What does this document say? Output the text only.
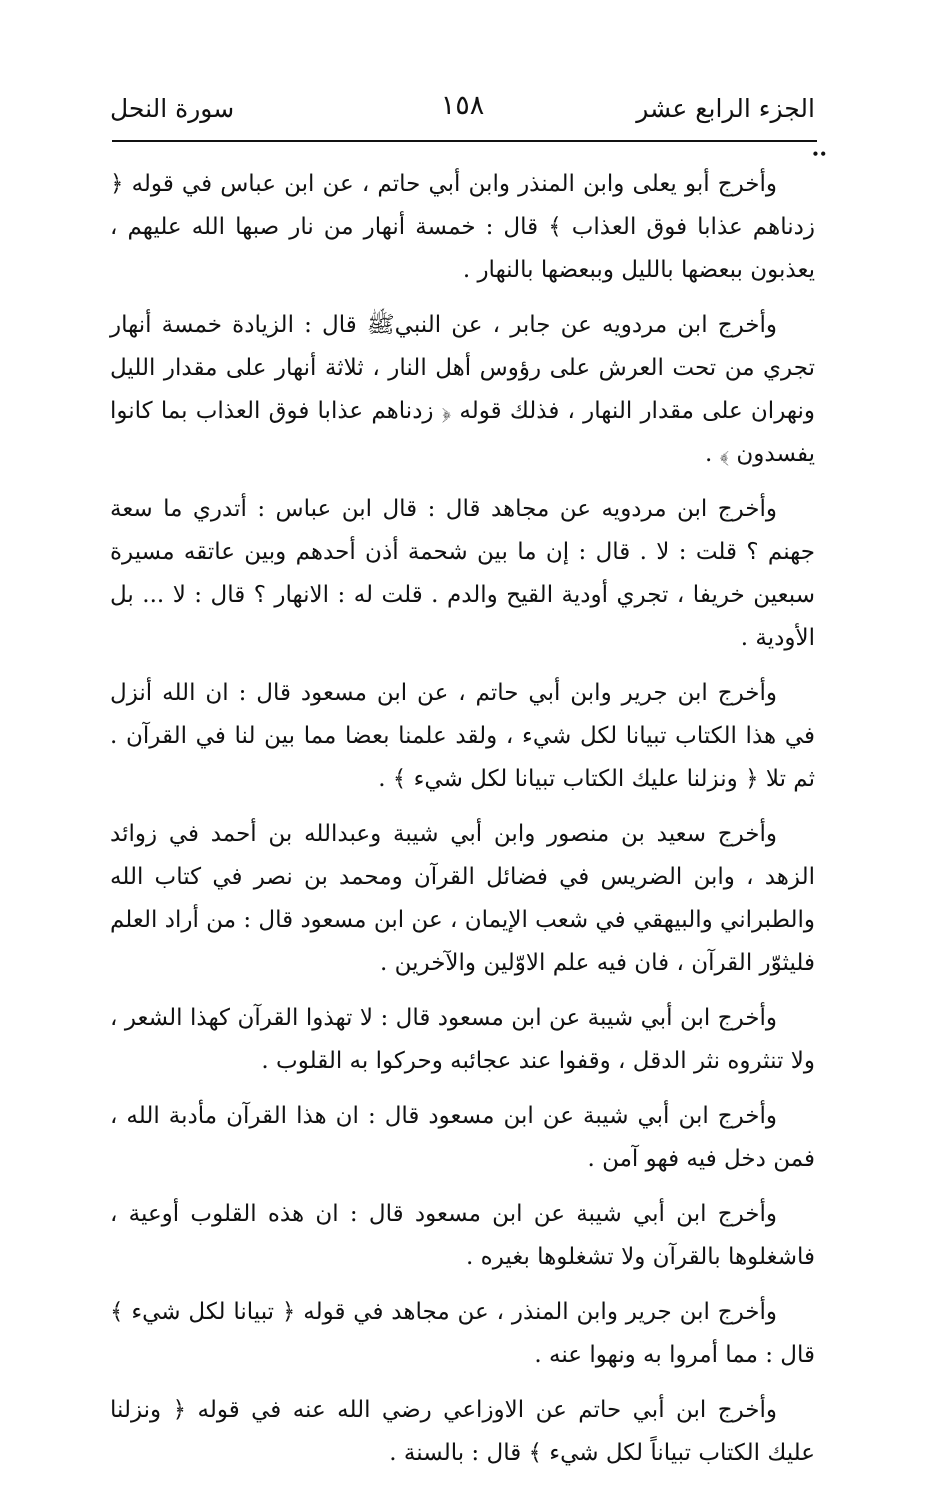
الجزء الرابع عشر
١٥٨
سورة النحل
••

وأخرج أبو يعلى وابن المنذر وابن أبي حاتم ، عن ابن عباس في قوله ﴿ زدناهم عذابا فوق العذاب ﴾ قال : خمسة أنهار من نار صبها الله عليهم ، يعذبون ببعضها بالليل وببعضها بالنهار .

وأخرج ابن مردويه عن جابر ، عن النبيﷺ قال : الزيادة خمسة أنهار تجري من تحت العرش على رؤوس أهل النار ، ثلاثة أنهار على مقدار الليل ونهران على مقدار النهار ، فذلك قوله ﴿ زدناهم عذابا فوق العذاب بما كانوا يفسدون ﴾ .

وأخرج ابن مردويه عن مجاهد قال : قال ابن عباس : أتدري ما سعة جهنم ؟ قلت : لا . قال : إن ما بين شحمة أذن أحدهم وبين عاتقه مسيرة سبعين خريفا ، تجري أودية القيح والدم . قلت له : الانهار ؟ قال : لا ... بل الأودية .

وأخرج ابن جرير وابن أبي حاتم ، عن ابن مسعود قال : ان الله أنزل في هذا الكتاب تبيانا لكل شيء ، ولقد علمنا بعضا مما بين لنا في القرآن . ثم تلا ﴿ ونزلنا عليك الكتاب تبيانا لكل شيء ﴾ .

وأخرج سعيد بن منصور وابن أبي شيبة وعبدالله بن أحمد في زوائد الزهد ، وابن الضريس في فضائل القرآن ومحمد بن نصر في كتاب الله والطبراني والبيهقي في شعب الإيمان ، عن ابن مسعود قال : من أراد العلم فليثوّر القرآن ، فان فيه علم الاوّلين والآخرين .

وأخرج ابن أبي شيبة عن ابن مسعود قال : لا تهذوا القرآن كهذا الشعر ، ولا تنثروه نثر الدقل ، وقفوا عند عجائبه وحركوا به القلوب .

وأخرج ابن أبي شيبة عن ابن مسعود قال : ان هذا القرآن مأدبة الله ، فمن دخل فيه فهو آمن .

وأخرج ابن أبي شيبة عن ابن مسعود قال : ان هذه القلوب أوعية ، فاشغلوها بالقرآن ولا تشغلوها بغيره .

وأخرج ابن جرير وابن المنذر ، عن مجاهد في قوله ﴿ تبيانا لكل شيء ﴾ قال : مما أمروا به ونهوا عنه .

وأخرج ابن أبي حاتم عن الاوزاعي رضي الله عنه في قوله ﴿ ونزلنا عليك الكتاب تبياناً لكل شيء ﴾ قال : بالسنة .
